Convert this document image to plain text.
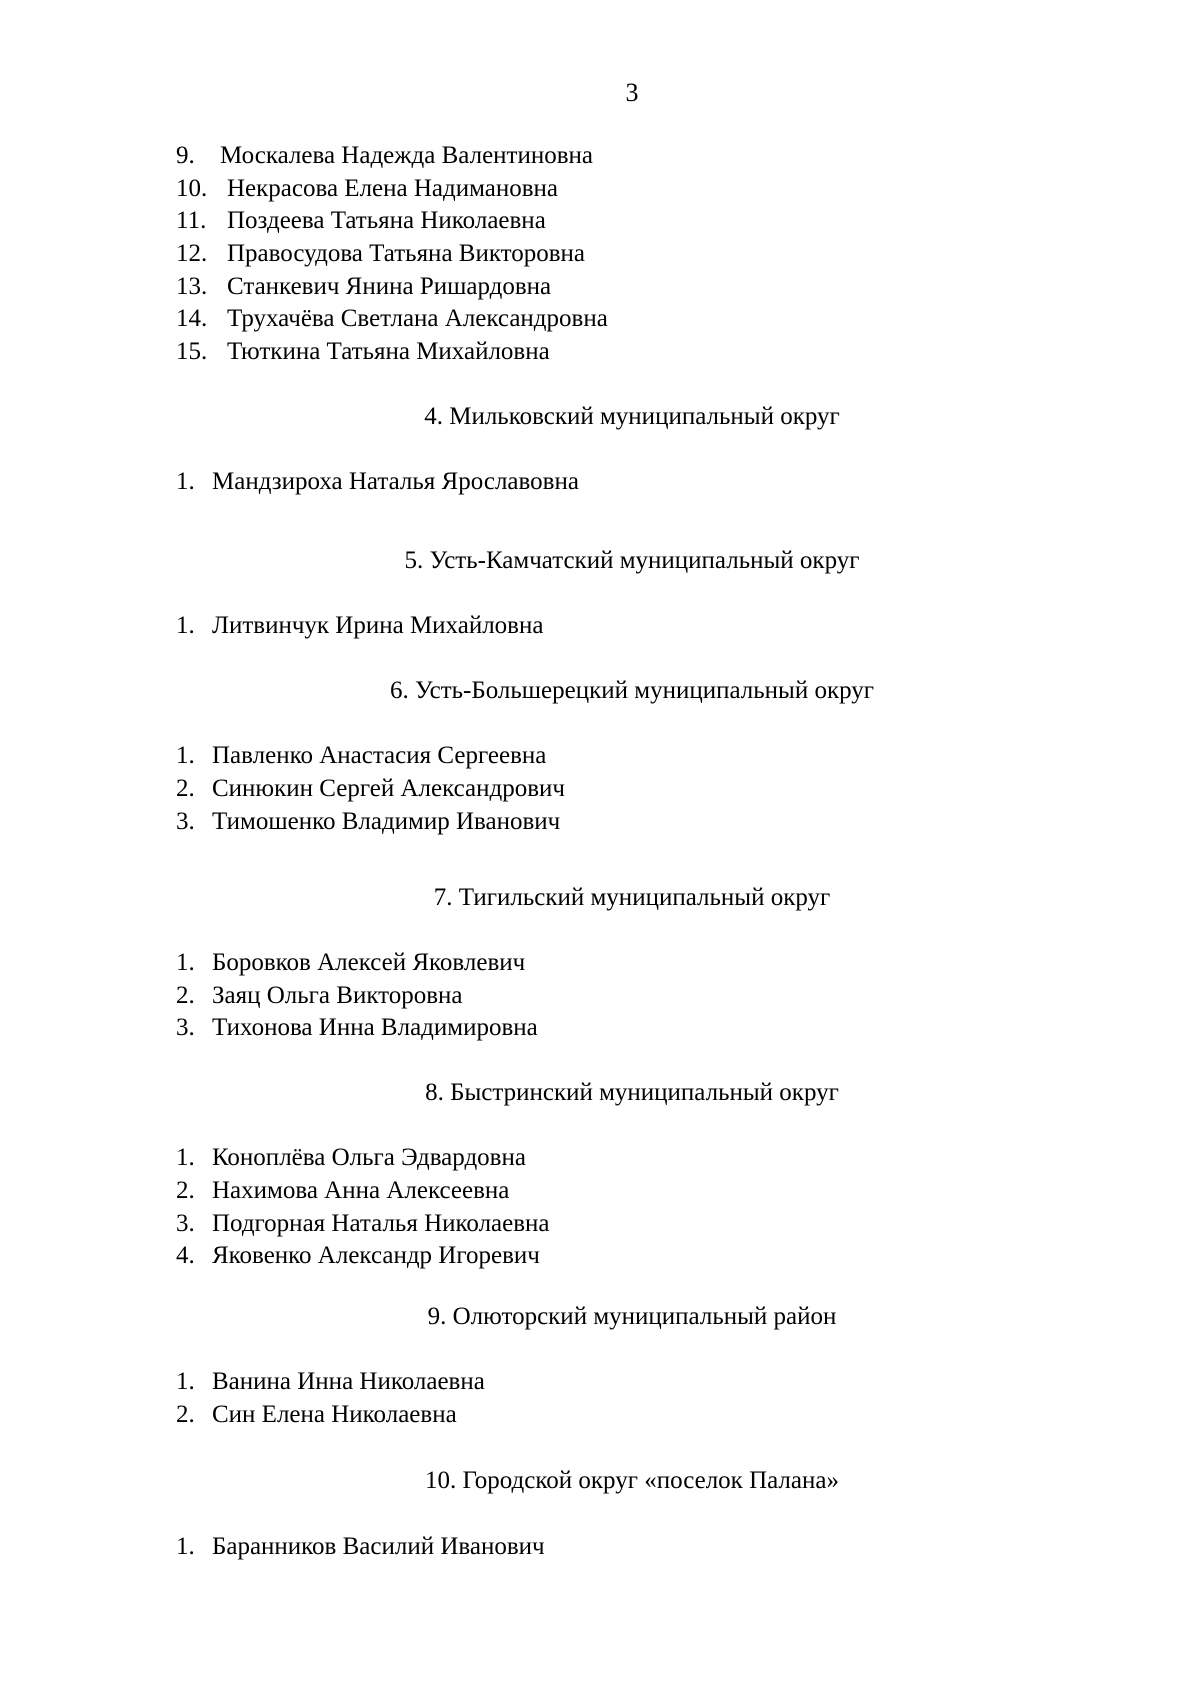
3
9. Москалева Надежда Валентиновна
10. Некрасова Елена Надимановна
11. Поздеева Татьяна Николаевна
12. Правосудова Татьяна Викторовна
13. Станкевич Янина Ришардовна
14. Трухачёва Светлана Александровна
15. Тюткина Татьяна Михайловна
4. Мильковский муниципальный округ
1. Мандзироха Наталья Ярославовна
5. Усть-Камчатский муниципальный округ
1. Литвинчук Ирина Михайловна
6. Усть-Большерецкий муниципальный округ
1. Павленко Анастасия Сергеевна
2. Синюкин Сергей Александрович
3. Тимошенко Владимир Иванович
7. Тигильский муниципальный округ
1. Боровков Алексей Яковлевич
2. Заяц Ольга Викторовна
3. Тихонова Инна Владимировна
8. Быстринский муниципальный округ
1. Коноплёва Ольга Эдвардовна
2. Нахимова Анна Алексеевна
3. Подгорная Наталья Николаевна
4. Яковенко Александр Игоревич
9. Олюторский муниципальный район
1. Ванина Инна Николаевна
2. Син Елена Николаевна
10. Городской округ «поселок Палана»
1. Баранников Василий Иванович
